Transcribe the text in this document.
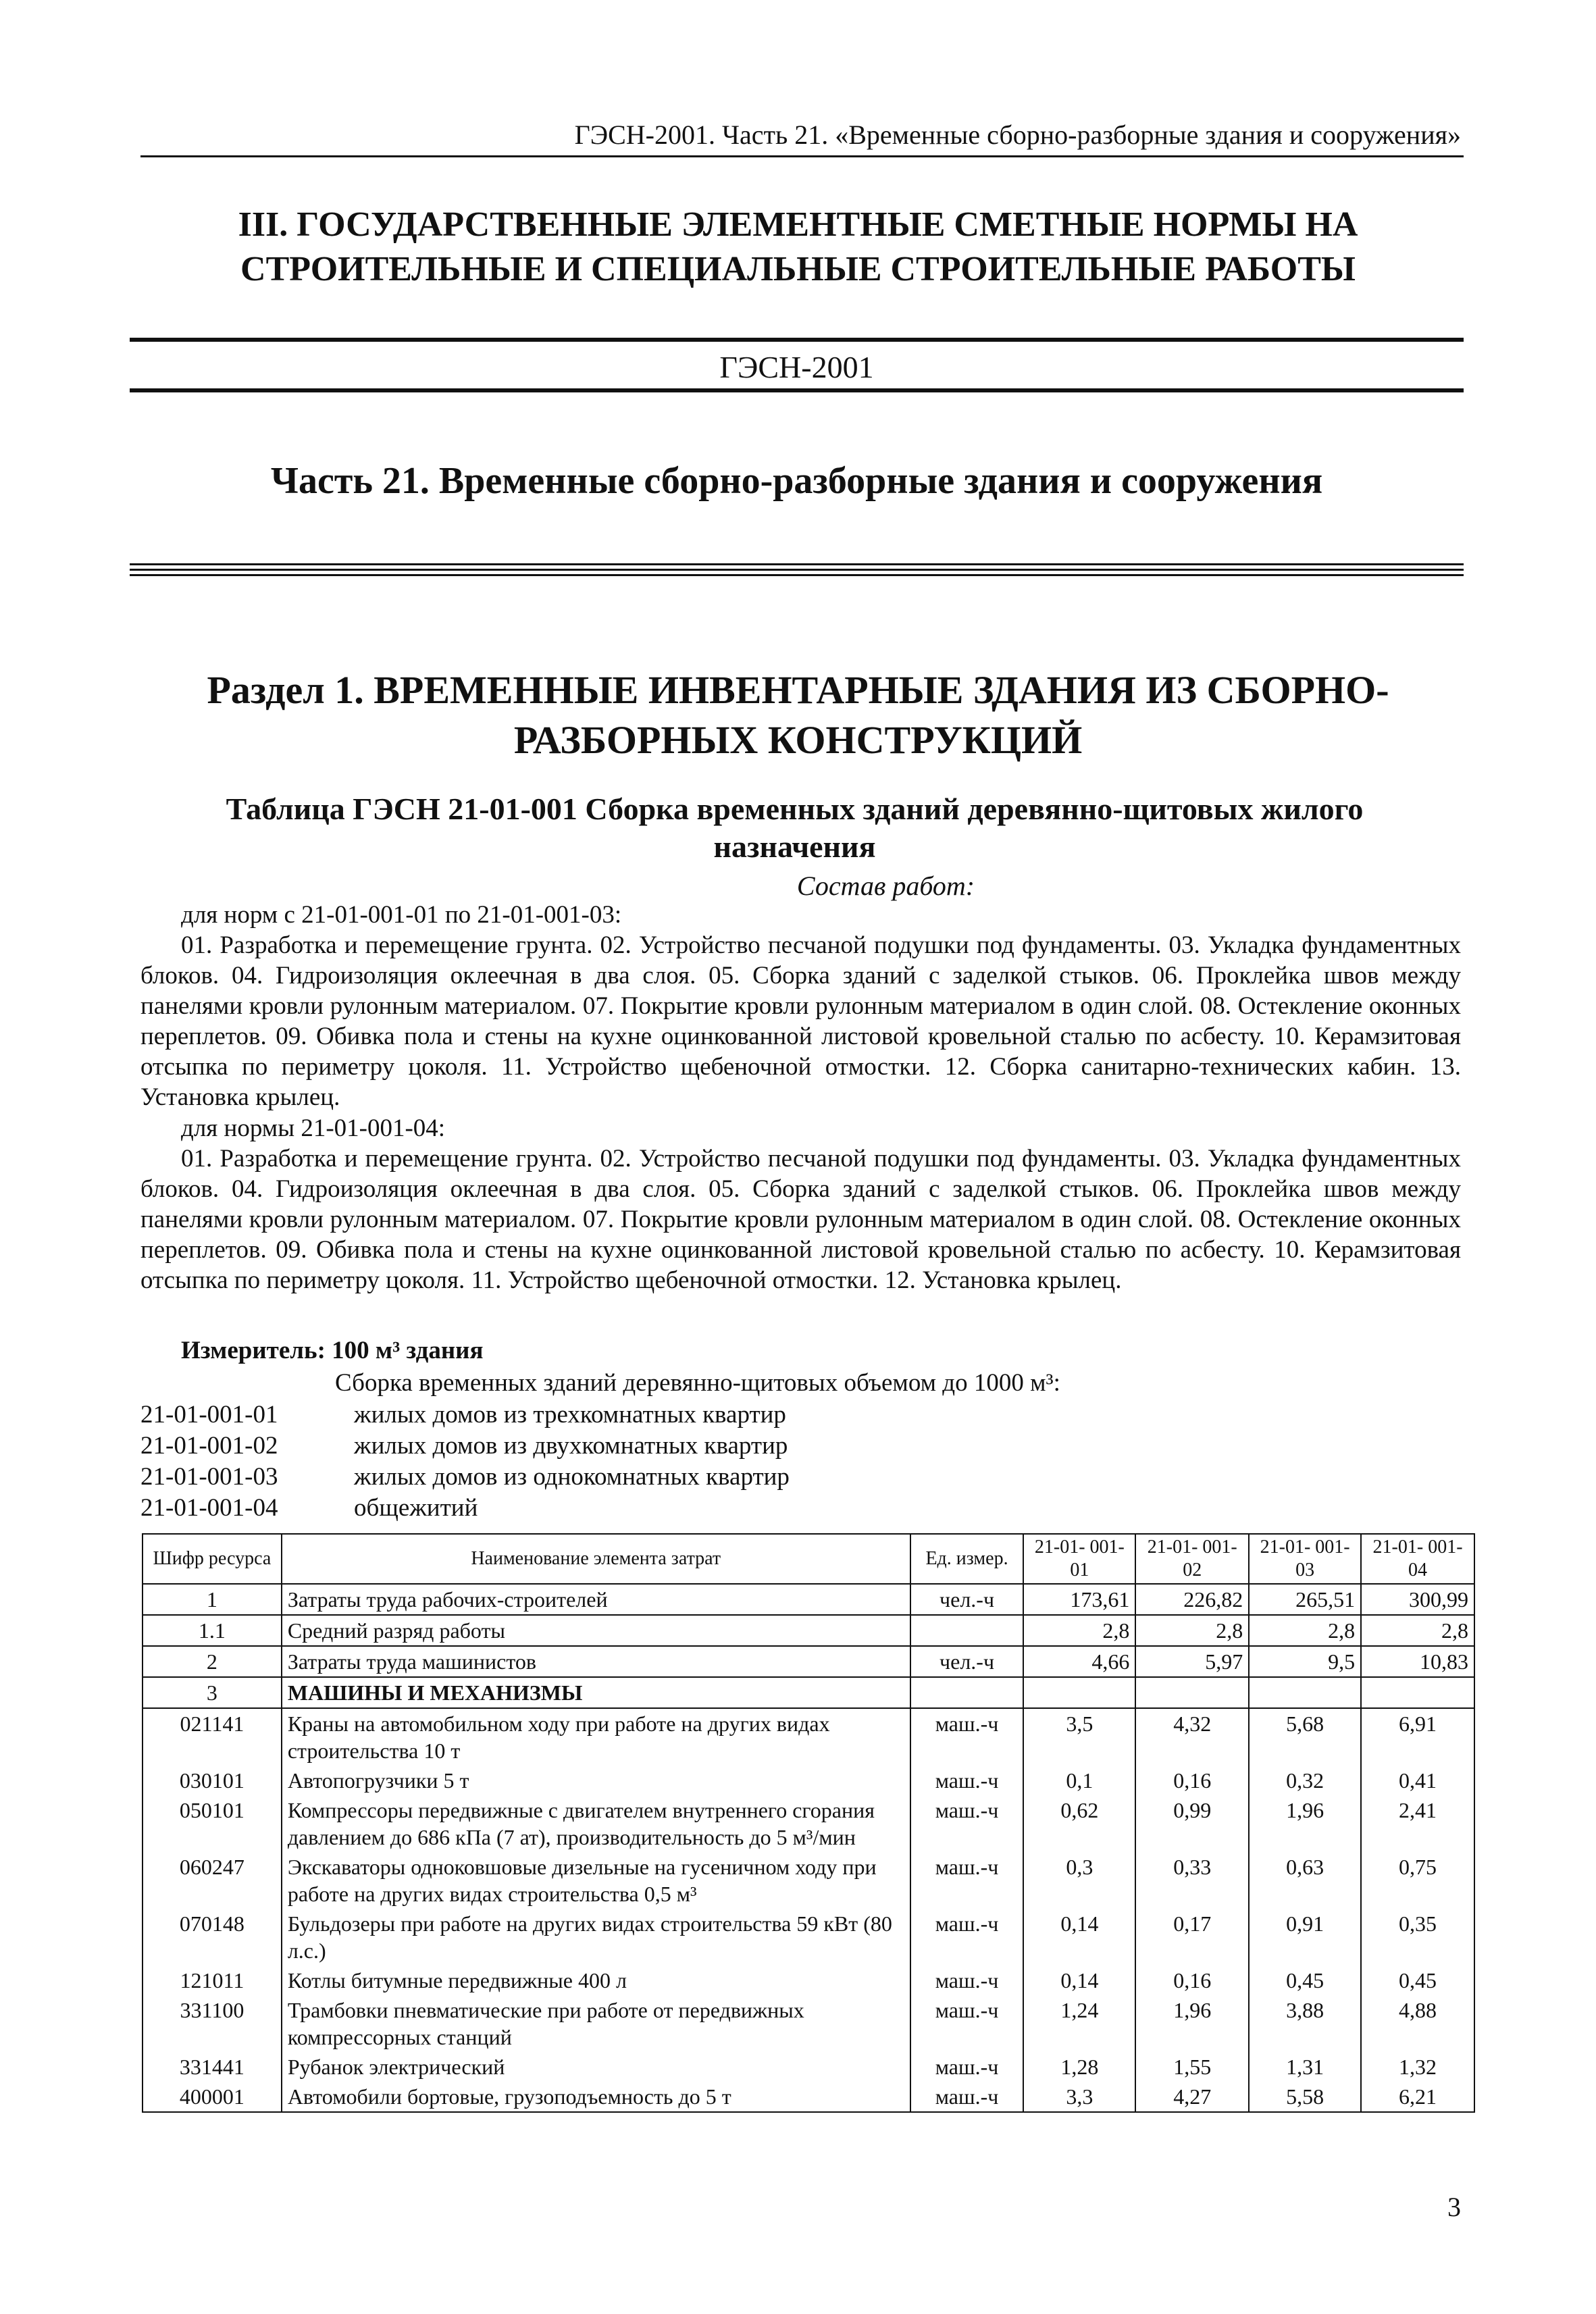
ГЭСН-2001. Часть 21. «Временные сборно-разборные здания и сооружения»
III. ГОСУДАРСТВЕННЫЕ ЭЛЕМЕНТНЫЕ СМЕТНЫЕ НОРМЫ НА
СТРОИТЕЛЬНЫЕ И СПЕЦИАЛЬНЫЕ СТРОИТЕЛЬНЫЕ РАБОТЫ
ГЭСН-2001
Часть 21. Временные сборно-разборные здания и сооружения
Раздел 1. ВРЕМЕННЫЕ ИНВЕНТАРНЫЕ ЗДАНИЯ ИЗ СБОРНО-
РАЗБОРНЫХ КОНСТРУКЦИЙ
Таблица ГЭСН 21-01-001 Сборка временных зданий деревянно-щитовых жилого
назначения
Состав работ:
для норм с 21-01-001-01 по 21-01-001-03:
01. Разработка и перемещение грунта. 02. Устройство песчаной подушки под фундаменты. 03. Укладка фундаментных блоков. 04. Гидроизоляция оклеечная в два слоя. 05. Сборка зданий с заделкой стыков. 06. Проклейка швов между панелями кровли рулонным материалом. 07. Покрытие кровли рулонным материалом в один слой. 08. Остекление оконных переплетов. 09. Обивка пола и стены на кухне оцинкованной листовой кровельной сталью по асбесту. 10. Керамзитовая отсыпка по периметру цоколя. 11. Устройство щебеночной отмостки. 12. Сборка санитарно-технических кабин. 13. Установка крылец.
для нормы 21-01-001-04:
01. Разработка и перемещение грунта. 02. Устройство песчаной подушки под фундаменты. 03. Укладка фундаментных блоков. 04. Гидроизоляция оклеечная в два слоя. 05. Сборка зданий с заделкой стыков. 06. Проклейка швов между панелями кровли рулонным материалом. 07. Покрытие кровли рулонным материалом в один слой. 08. Остекление оконных переплетов. 09. Обивка пола и стены на кухне оцинкованной листовой кровельной сталью по асбесту. 10. Керамзитовая отсыпка по периметру цоколя. 11. Устройство щебеночной отмостки. 12. Установка крылец.
Измеритель: 100 м³ здания
Сборка временных зданий деревянно-щитовых объемом до 1000 м³:
21-01-001-01	жилых домов из трехкомнатных квартир
21-01-001-02	жилых домов из двухкомнатных квартир
21-01-001-03	жилых домов из однокомнатных квартир
21-01-001-04	общежитий
Шифр ресурса	Наименование элемента затрат	Ед. измер.	21-01- 001-01	21-01- 001-02	21-01- 001-03	21-01- 001-04
1	Затраты труда рабочих-строителей	чел.-ч	173,61	226,82	265,51	300,99
1.1	Средний разряд работы		2,8	2,8	2,8	2,8
2	Затраты труда машинистов	чел.-ч	4,66	5,97	9,5	10,83
3	МАШИНЫ И МЕХАНИЗМЫ					
021141	Краны на автомобильном ходу при работе на других видах строительства 10 т	маш.-ч	3,5	4,32	5,68	6,91
030101	Автопогрузчики 5 т	маш.-ч	0,1	0,16	0,32	0,41
050101	Компрессоры передвижные с двигателем внутреннего сгорания давлением до 686 кПа (7 ат), производительность до 5 м³/мин	маш.-ч	0,62	0,99	1,96	2,41
060247	Экскаваторы одноковшовые дизельные на гусеничном ходу при работе на других видах строительства 0,5 м³	маш.-ч	0,3	0,33	0,63	0,75
070148	Бульдозеры при работе на других видах строительства 59 кВт (80 л.с.)	маш.-ч	0,14	0,17	0,91	0,35
121011	Котлы битумные передвижные 400 л	маш.-ч	0,14	0,16	0,45	0,45
331100	Трамбовки пневматические при работе от передвижных компрессорных станций	маш.-ч	1,24	1,96	3,88	4,88
331441	Рубанок электрический	маш.-ч	1,28	1,55	1,31	1,32
400001	Автомобили бортовые, грузоподъемность до 5 т	маш.-ч	3,3	4,27	5,58	6,21
3
